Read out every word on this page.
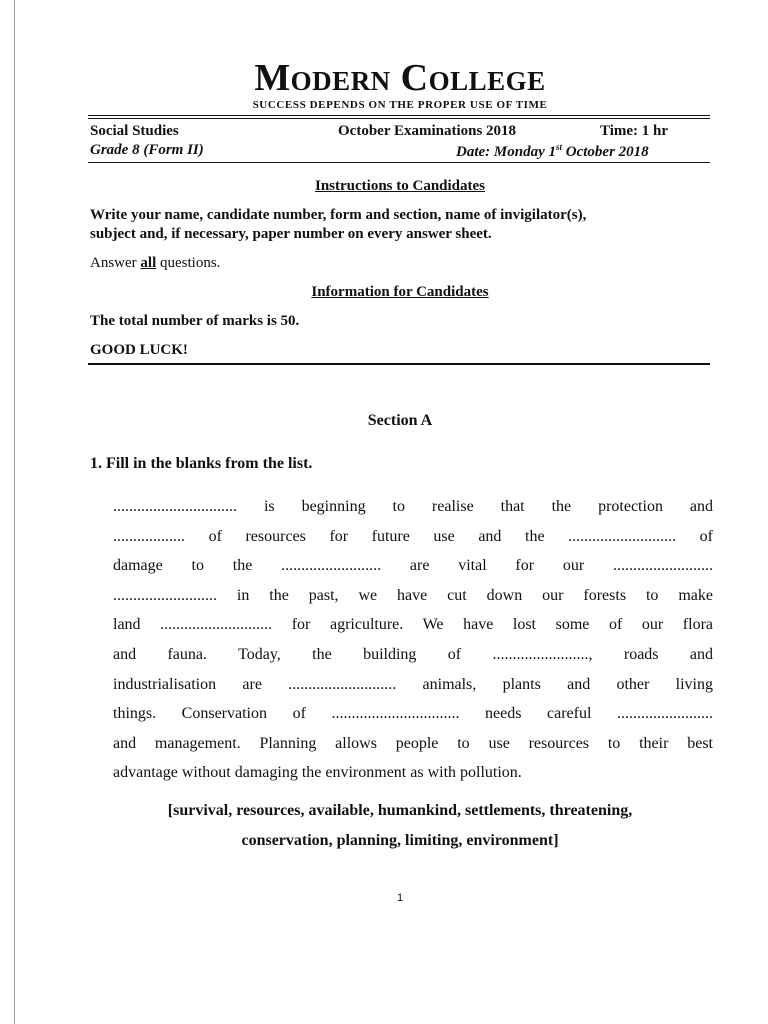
Modern College
SUCCESS DEPENDS ON THE PROPER USE OF TIME
Social Studies	October Examinations 2018	Time: 1 hr
Grade 8 (Form II)	Date: Monday 1st October 2018
Instructions to Candidates
Write your name, candidate number, form and section, name of invigilator(s),
subject and, if necessary, paper number on every answer sheet.
Answer all questions.
Information for Candidates
The total number of marks is 50.
GOOD LUCK!
Section A
1. Fill in the blanks from the list.
............................... is beginning to realise that the protection and
.................. of resources for future use and the ........................... of
damage to the ......................... are vital for our .........................
.......................... in the past, we have cut down our forests to make
land ............................ for agriculture. We have lost some of our flora
and fauna. Today, the building of ........................, roads and
industrialisation are ........................... animals, plants and other living
things. Conservation of ................................ needs careful ........................
and management. Planning allows people to use resources to their best
advantage without damaging the environment as with pollution.
[survival, resources, available, humankind, settlements, threatening,
conservation, planning, limiting, environment]
1
